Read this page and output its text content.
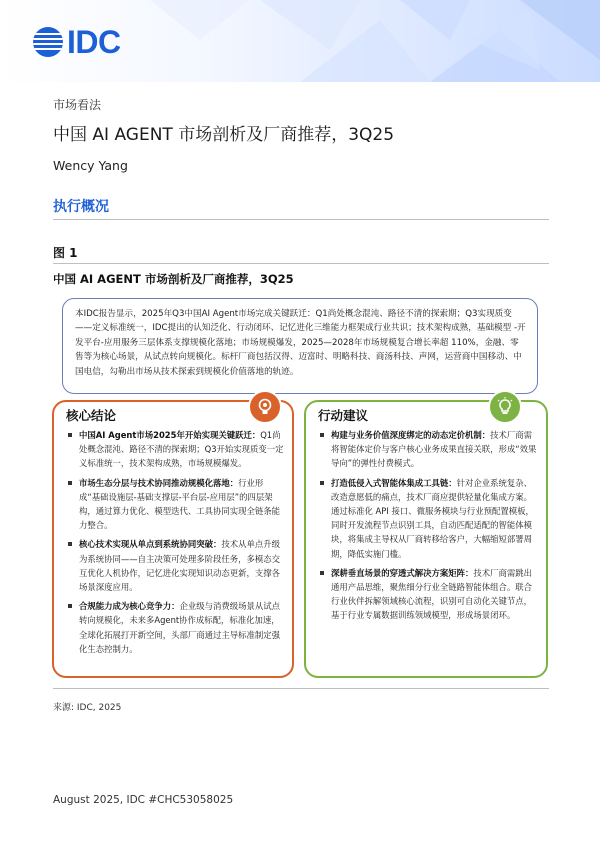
IDC
市场看法
中国 AI AGENT 市场剖析及厂商推荐，3Q25
Wency Yang
执行概况
图 1
中国 AI AGENT 市场剖析及厂商推荐，3Q25
本IDC报告显示，2025年Q3中国AI Agent市场完成关键跃迁：Q1尚处概念混沌、路径不清的探索期；Q3实现质变——定义标准统一，IDC提出的认知泛化、行动闭环、记忆进化三维能力框架成行业共识；技术架构成熟，基础模型 -开发平台-应用服务三层体系支撑规模化落地；市场规模爆发，2025—2028年市场规模复合增长率超 110%，金融、零售等为核心场景，从试点转向规模化。标杆厂商包括汉得、迈富时、明略科技、商汤科技、声网，运营商中国移动、中国电信，勾勒出市场从技术探索到规模化价值落地的轨迹。
核心结论
中国AI Agent市场2025年开始实现关键跃迁：Q1尚处概念混沌、路径不清的探索期；Q3开始实现质变一定义标准统一，技术架构成熟，市场规模爆发。
市场生态分层与技术协同推动规模化落地：行业形成“基础设施层-基础支撑层-平台层-应用层”的四层架构，通过算力优化、模型迭代、工具协同实现全链条能力整合。
核心技术实现从单点到系统协同突破：技术从单点升级为系统协同——自主决策可处理多阶段任务，多模态交互优化人机协作，记忆进化实现知识动态更新，支撑各场景深度应用。
合规能力成为核心竞争力：企业级与消费级场景从试点转向规模化，未来多Agent协作成标配，标准化加速，全球化拓展打开新空间，头部厂商通过主导标准制定强化生态控制力。
行动建议
构建与业务价值深度绑定的动态定价机制：技术厂商需将智能体定价与客户核心业务成果直接关联，形成“效果导向”的弹性付费模式。
打造低侵入式智能体集成工具链：针对企业系统复杂、改造意愿低的痛点，技术厂商应提供轻量化集成方案。通过标准化 API 接口、微服务模块与行业预配置模板，同时开发流程节点识别工具，自动匹配适配的智能体模块，将集成主导权从厂商转移给客户，大幅缩短部署周期，降低实施门槛。
深耕垂直场景的穿透式解决方案矩阵：技术厂商需跳出通用产品思维，聚焦细分行业全链路智能体组合。联合行业伙伴拆解领域核心流程，识别可自动化关键节点，基于行业专属数据训练领域模型，形成场景闭环。
来源: IDC, 2025
August 2025, IDC #CHC53058025
